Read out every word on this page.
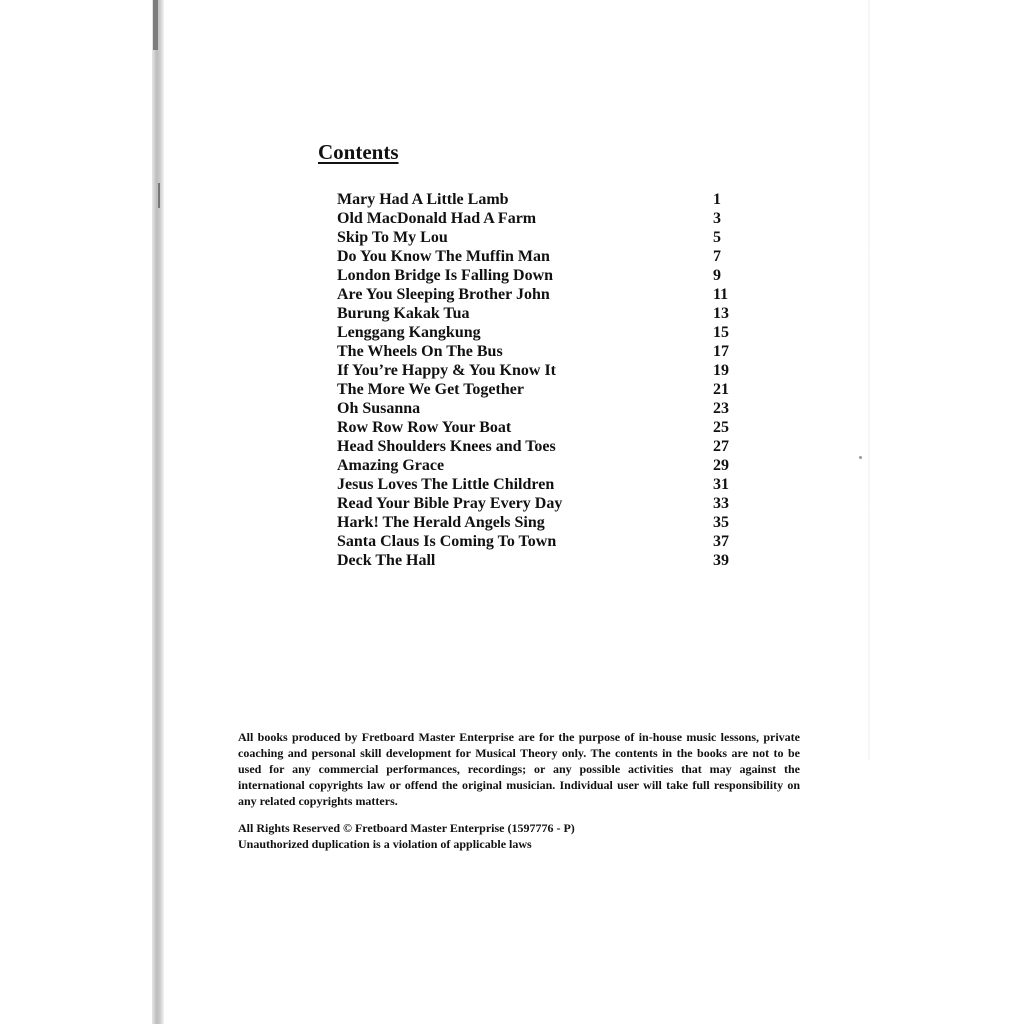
Contents
Mary Had A Little Lamb	1
Old MacDonald Had A Farm	3
Skip To My Lou	5
Do You Know The Muffin Man	7
London Bridge Is Falling Down	9
Are You Sleeping Brother John	11
Burung Kakak Tua	13
Lenggang Kangkung	15
The Wheels On The Bus	17
If You’re Happy & You Know It	19
The More We Get Together	21
Oh Susanna	23
Row Row Row Your Boat	25
Head Shoulders Knees and Toes	27
Amazing Grace	29
Jesus Loves The Little Children	31
Read Your Bible Pray Every Day	33
Hark! The Herald Angels Sing	35
Santa Claus Is Coming To Town	37
Deck The Hall	39

All books produced by Fretboard Master Enterprise are for the purpose of in-house music lessons, private coaching and personal skill development for Musical Theory only. The contents in the books are not to be used for any commercial performances, recordings; or any possible activities that may against the international copyrights law or offend the original musician. Individual user will take full responsibility on any related copyrights matters.

All Rights Reserved © Fretboard Master Enterprise (1597776 - P)
Unauthorized duplication is a violation of applicable laws
